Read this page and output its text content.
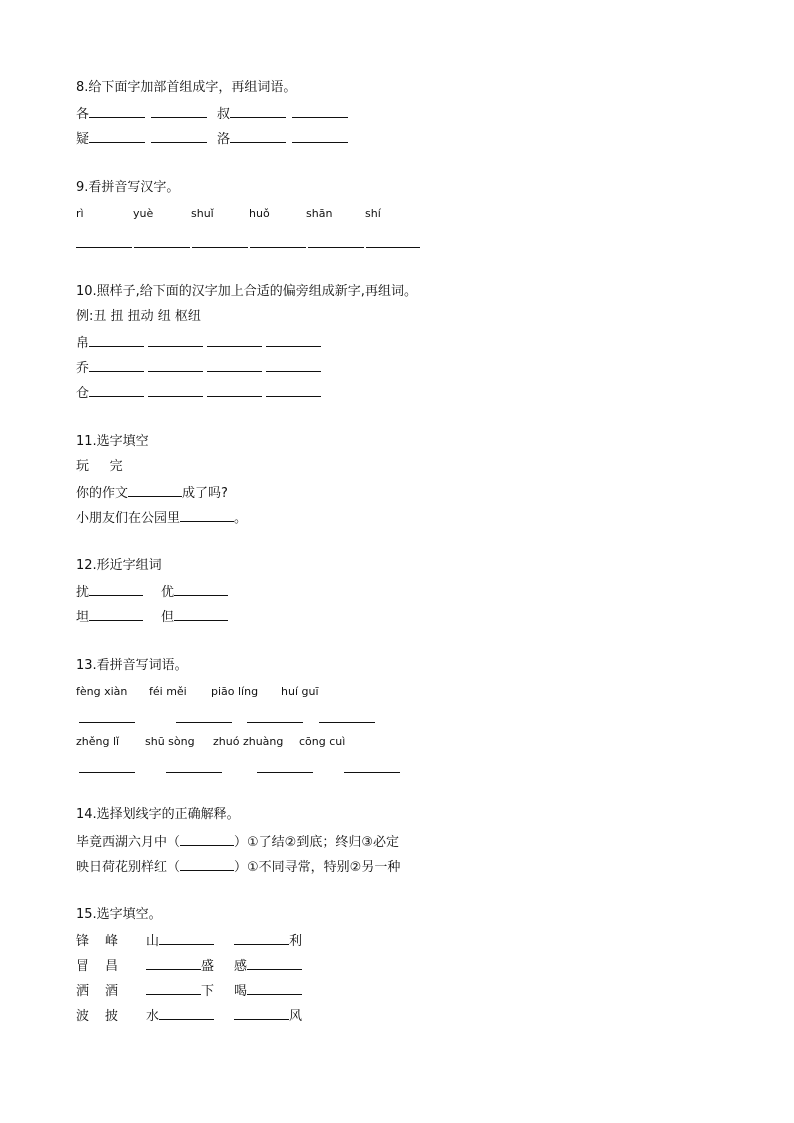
8.给下面字加部首组成字，再组词语。
各	叔
疑	洛
9.看拼音写汉字。
rì	yuè	shuǐ	huǒ	shān	shí
10.照样子,给下面的汉字加上合适的偏旁组成新字,再组词。
例:丑 扭 扭动 纽 枢纽
帛
乔
仓
11.选字填空
玩     完
你的作文	成了吗?
小朋友们在公园里	。
12.形近字组词
扰	优
坦	但
13.看拼音写词语。
fèng xiàn féi měi piāo líng huí guī
zhěng lǐ shū sòng zhuó zhuàng cōng cuì
14.选择划线字的正确解释。
毕竟西湖六月中（	）①了结②到底；终归③必定
映日荷花别样红（	）①不同寻常，特别②另一种
15.选字填空。
锋 峰 山	利
冒 昌	盛 感
洒 酒	下 喝
波 披 水	风
